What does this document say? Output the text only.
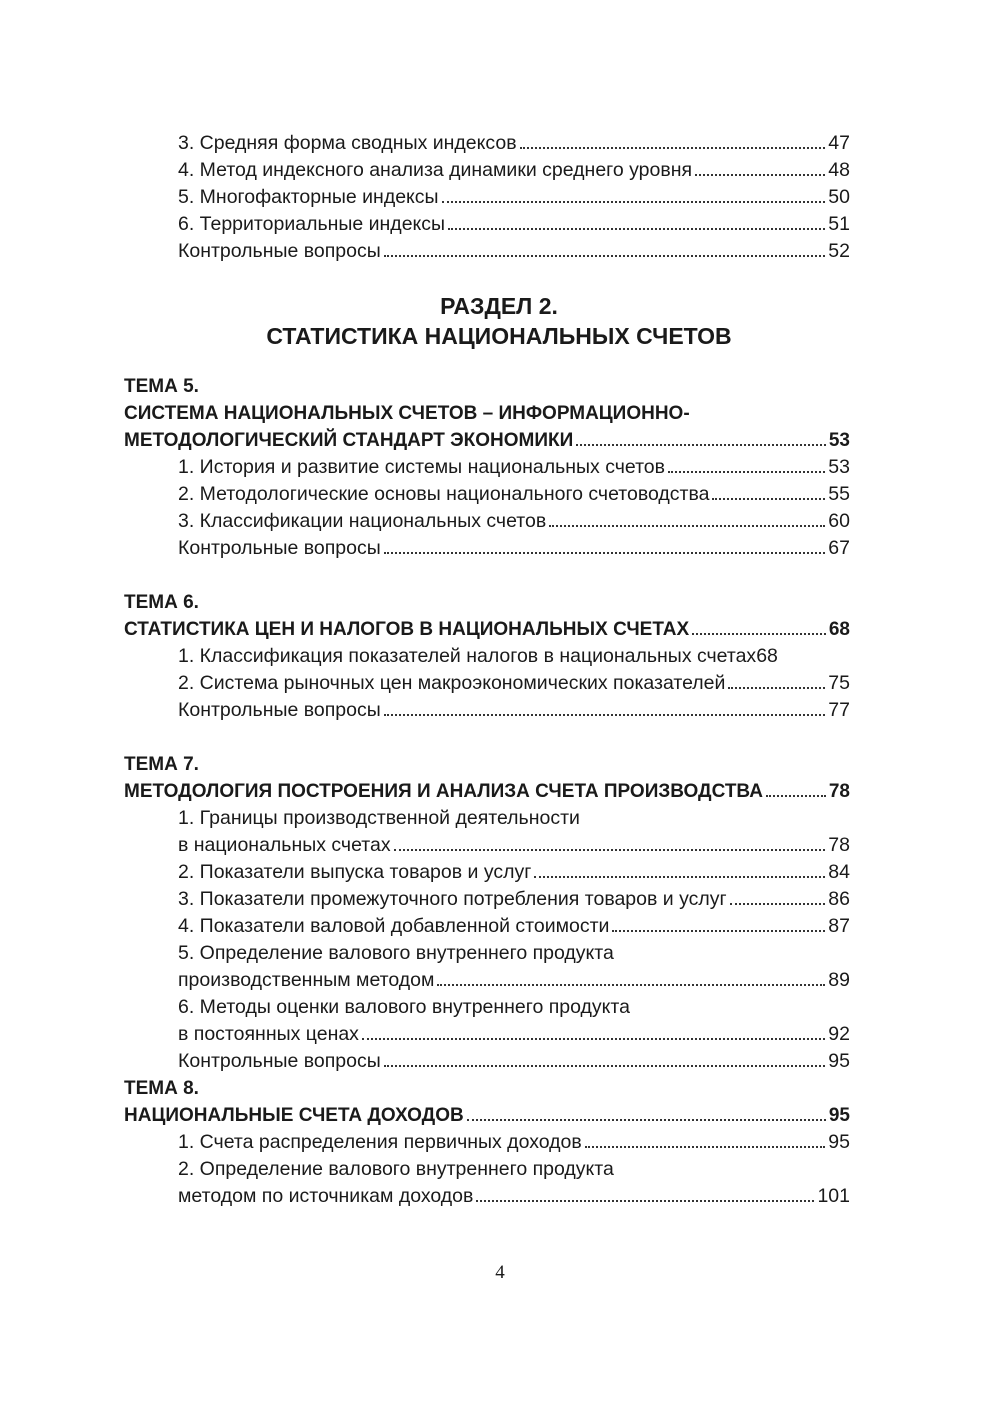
3. Средняя форма сводных индексов	47
4. Метод индексного анализа динамики среднего уровня	48
5. Многофакторные индексы	50
6. Территориальные индексы	51
Контрольные вопросы	52
РАЗДЕЛ 2.
СТАТИСТИКА НАЦИОНАЛЬНЫХ СЧЕТОВ
ТЕМА 5.
СИСТЕМА НАЦИОНАЛЬНЫХ СЧЕТОВ – ИНФОРМАЦИОННО-
МЕТОДОЛОГИЧЕСКИЙ СТАНДАРТ ЭКОНОМИКИ	53
1. История и развитие системы национальных счетов	53
2. Методологические основы национального счетоводства	55
3. Классификации национальных счетов	60
Контрольные вопросы	67
ТЕМА 6.
СТАТИСТИКА ЦЕН И НАЛОГОВ В НАЦИОНАЛЬНЫХ СЧЕТАХ	68
1. Классификация показателей налогов в национальных счетах 68
2. Система рыночных цен макроэкономических показателей	75
Контрольные вопросы	77
ТЕМА 7.
МЕТОДОЛОГИЯ ПОСТРОЕНИЯ И АНАЛИЗА СЧЕТА ПРОИЗВОДСТВА	78
1. Границы производственной деятельности
в национальных счетах	78
2. Показатели выпуска товаров и услуг	84
3. Показатели промежуточного потребления товаров и услуг	86
4. Показатели валовой добавленной стоимости	87
5. Определение валового внутреннего продукта
производственным методом	89
6. Методы оценки валового внутреннего продукта
в постоянных ценах	92
Контрольные вопросы	95
ТЕМА 8.
НАЦИОНАЛЬНЫЕ СЧЕТА ДОХОДОВ	95
1. Счета распределения первичных доходов	95
2. Определение валового внутреннего продукта
методом по источникам доходов	101
4
